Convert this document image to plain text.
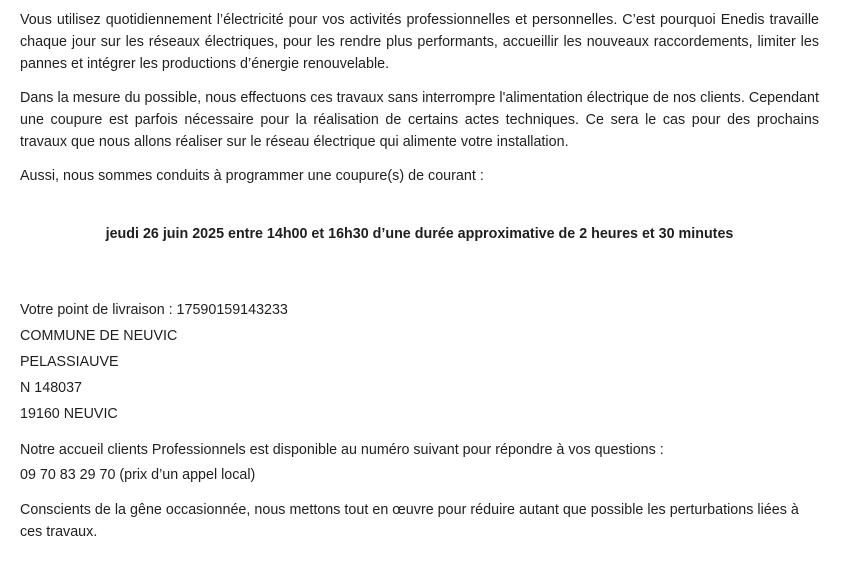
Vous utilisez quotidiennement l’électricité pour vos activités professionnelles et personnelles. C’est pourquoi Enedis travaille chaque jour sur les réseaux électriques, pour les rendre plus performants, accueillir les nouveaux raccordements, limiter les pannes et intégrer les productions d’énergie renouvelable.

Dans la mesure du possible, nous effectuons ces travaux sans interrompre l'alimentation électrique de nos clients. Cependant une coupure est parfois nécessaire pour la réalisation de certains actes techniques. Ce sera le cas pour des prochains travaux que nous allons réaliser sur le réseau électrique qui alimente votre installation.

Aussi, nous sommes conduits à programmer une coupure(s) de courant :

jeudi 26 juin 2025 entre 14h00 et 16h30 d’une durée approximative de 2 heures et 30 minutes

Votre point de livraison : 17590159143233
COMMUNE DE NEUVIC
PELASSIAUVE
N 148037
19160 NEUVIC
Notre accueil clients Professionnels est disponible au numéro suivant pour répondre à vos questions :
09 70 83 29 70 (prix d’un appel local)

Conscients de la gêne occasionnée, nous mettons tout en œuvre pour réduire autant que possible les perturbations liées à ces travaux.
